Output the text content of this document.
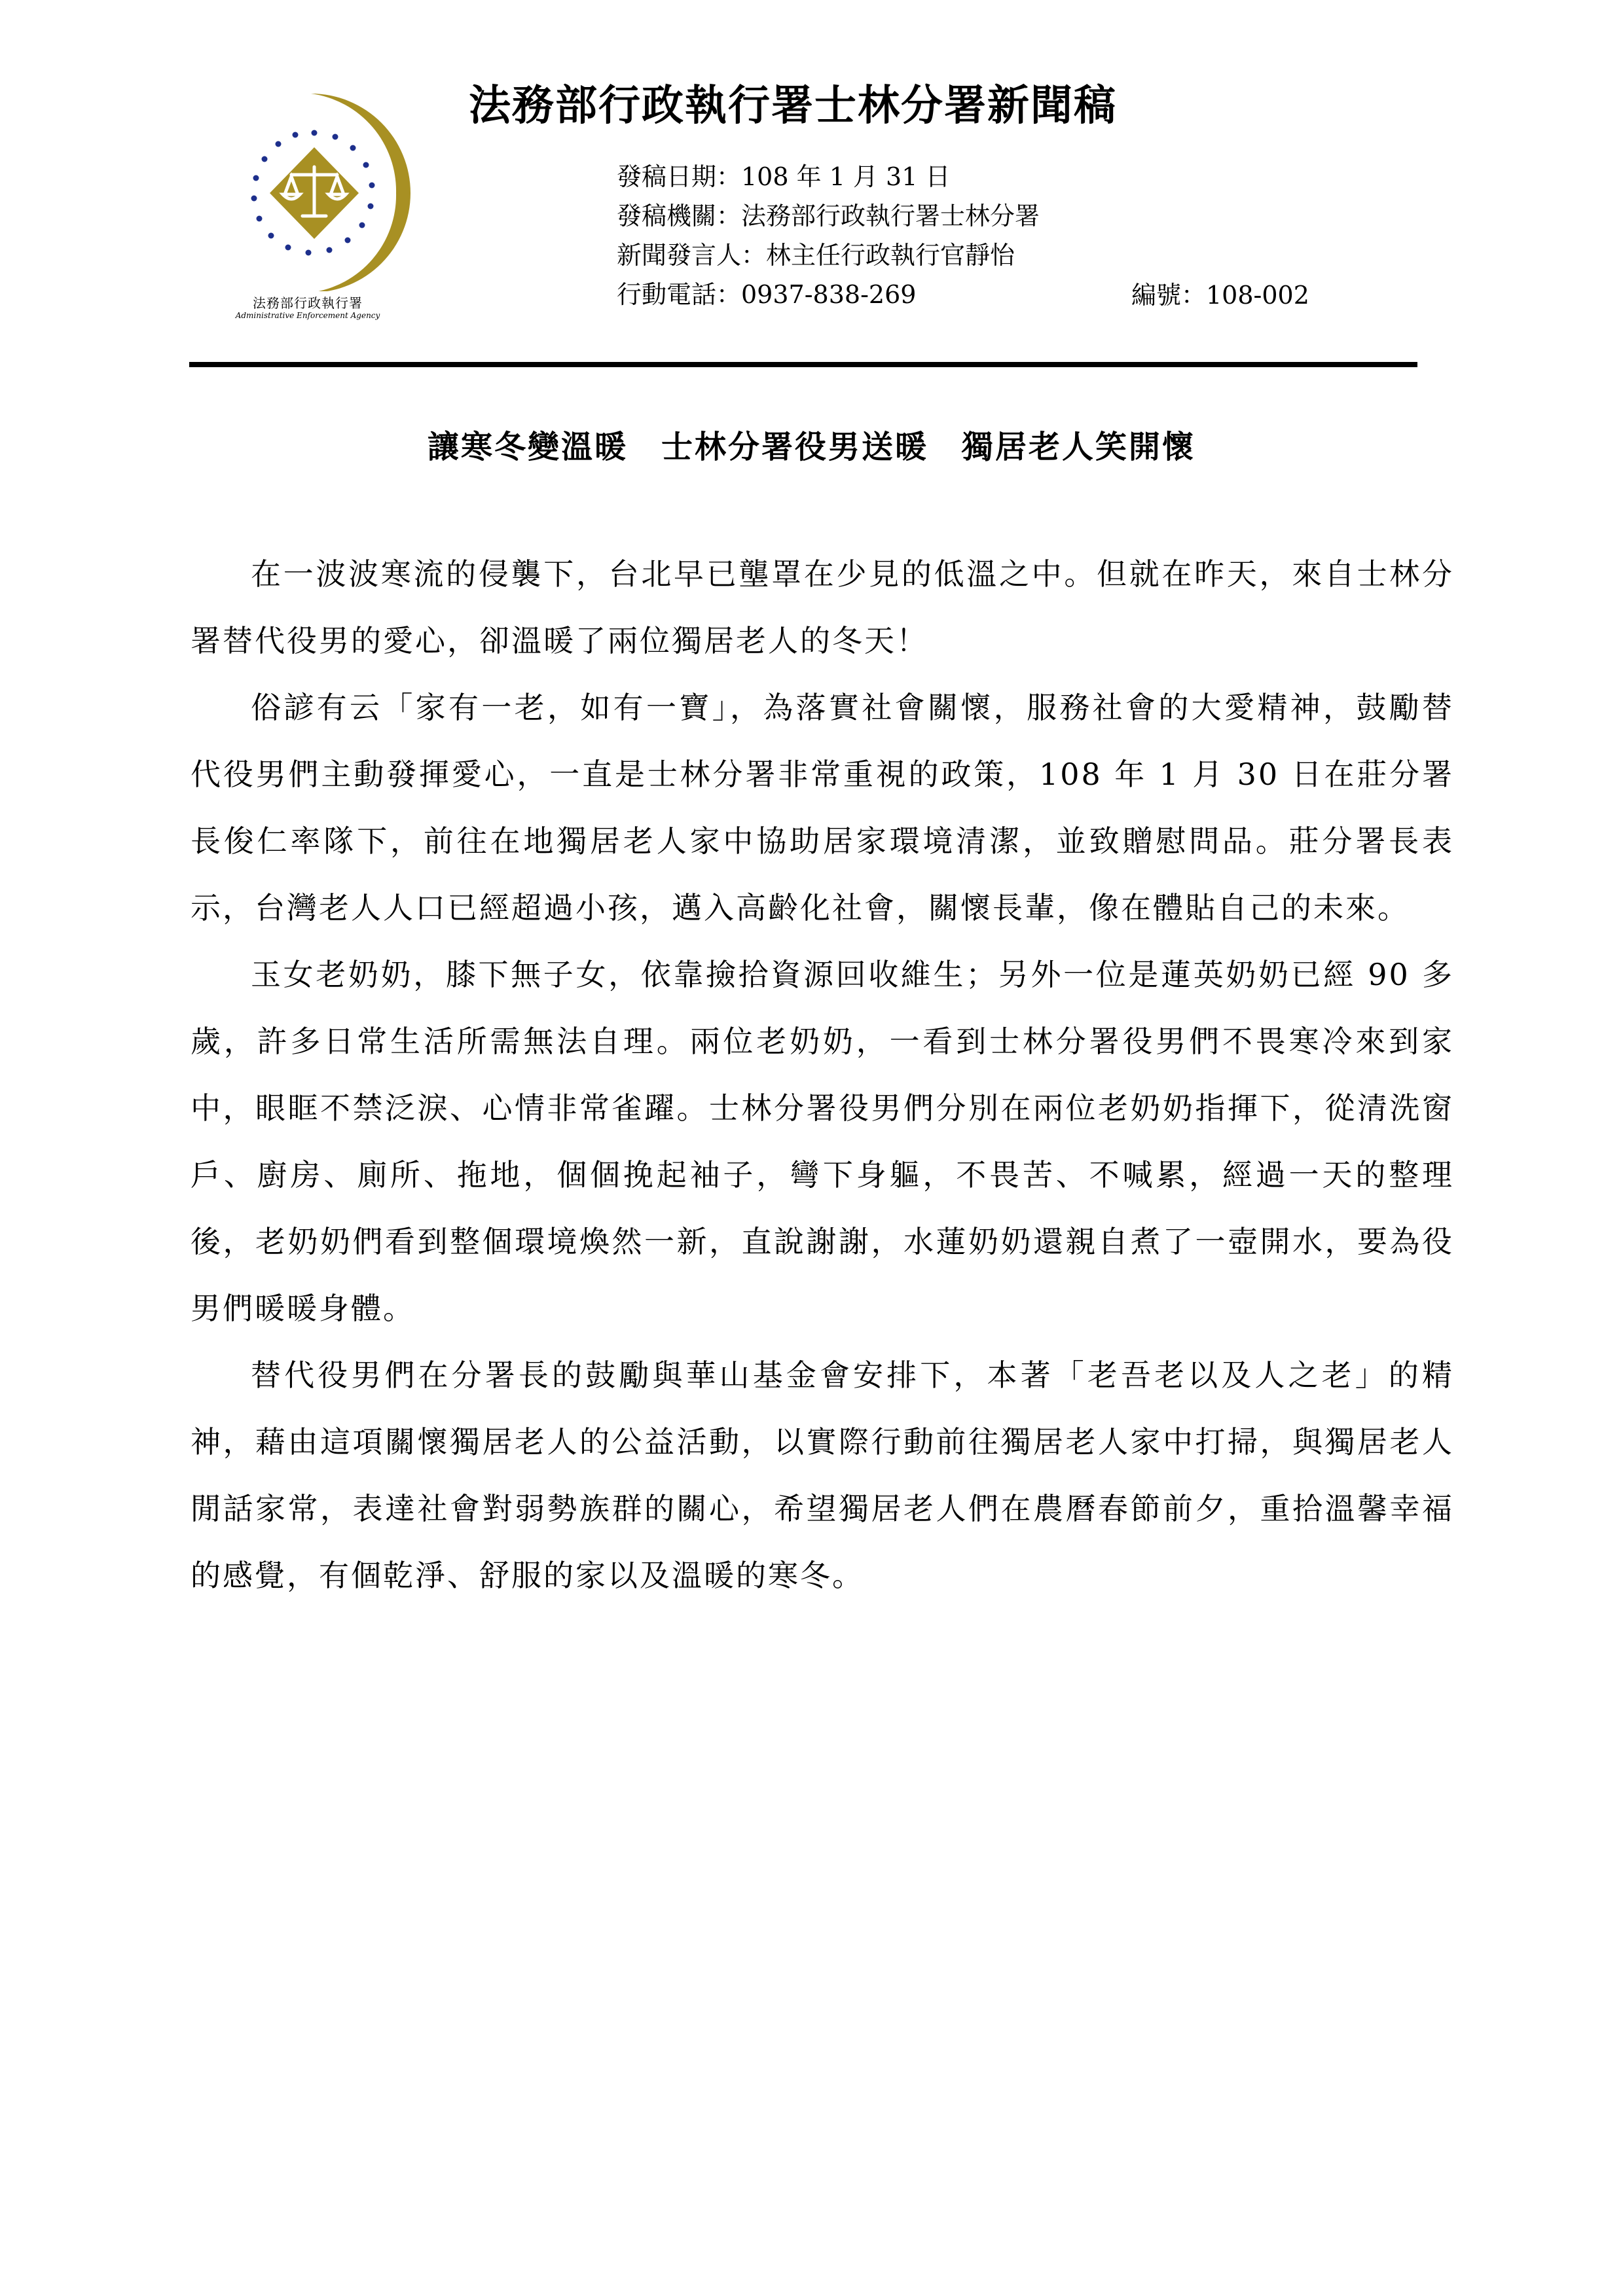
法務部行政執行署
Administrative Enforcement Agency
法務部行政執行署士林分署新聞稿
發稿日期：108 年 1 月 31 日
發稿機關：法務部行政執行署士林分署
新聞發言人：林主任行政執行官靜怡
行動電話：0937-838-269	編號：108-002
讓寒冬變溫暖　士林分署役男送暖　獨居老人笑開懷

在一波波寒流的侵襲下，台北早已壟罩在少見的低溫之中。但就在昨天，來自士林分署替代役男的愛心，卻溫暖了兩位獨居老人的冬天！

俗諺有云「家有一老，如有一寶」，為落實社會關懷，服務社會的大愛精神，鼓勵替代役男們主動發揮愛心，一直是士林分署非常重視的政策，108 年 1 月 30 日在莊分署長俊仁率隊下，前往在地獨居老人家中協助居家環境清潔，並致贈慰問品。莊分署長表示，台灣老人人口已經超過小孩，邁入高齡化社會，關懷長輩，像在體貼自己的未來。

玉女老奶奶，膝下無子女，依靠撿拾資源回收維生；另外一位是蓮英奶奶已經 90 多歲，許多日常生活所需無法自理。兩位老奶奶，一看到士林分署役男們不畏寒冷來到家中，眼眶不禁泛淚、心情非常雀躍。士林分署役男們分別在兩位老奶奶指揮下，從清洗窗戶、廚房、廁所、拖地，個個挽起袖子，彎下身軀，不畏苦、不喊累，經過一天的整理後，老奶奶們看到整個環境煥然一新，直說謝謝，水蓮奶奶還親自煮了一壺開水，要為役男們暖暖身體。

替代役男們在分署長的鼓勵與華山基金會安排下，本著「老吾老以及人之老」的精神，藉由這項關懷獨居老人的公益活動，以實際行動前往獨居老人家中打掃，與獨居老人閒話家常，表達社會對弱勢族群的關心，希望獨居老人們在農曆春節前夕，重拾溫馨幸福的感覺，有個乾淨、舒服的家以及溫暖的寒冬。
